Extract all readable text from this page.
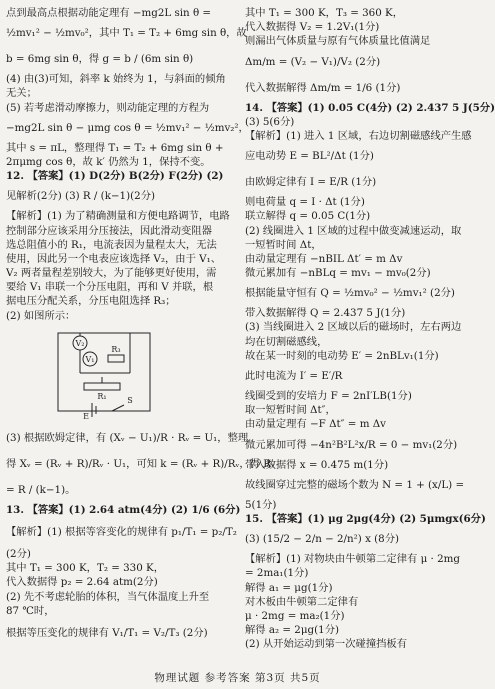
点到最高点根据动能定理有 −mg2L sin θ =
½mv₁² − ½mv₀²，其中 T₁ = T₂ + 6mg sin θ，故
b = 6mg sin θ，得 g = b / (6m sin θ)
(4) 由(3)可知，斜率 k 始终为 1，与斜面的倾角
无关；
(5) 若考虑滑动摩擦力，则动能定理的方程为
−mg2L sin θ − μmg cos θ = ½mv₁² − ½mv₂²，
其中 s = πL，整理得 T₁ = T₂ + 6mg sin θ +
2πμmg cos θ，故 k′ 仍然为 1，保持不变。
12. 【答案】(1) D(2分) B(2分) F(2分) (2)
见解析(2分) (3) R / (k−1)(2分)
【解析】(1) 为了精确测量和方便电路调节，电路
控制部分应该采用分压接法，因此滑动变阻器
选总阻值小的 R₁，电流表因为量程太大，无法
使用，因此另一个电表应该选择 V₂，由于 V₁、
V₂ 两者量程差别较大，为了能够更好使用，需
要给 V₁ 串联一个分压电阻，再和 V 并联，根
据电压分配关系，分压电阻选择 R₃；
(2) 如图所示：
V₂
R₃
V₁
R₁
E
S
(3) 根据欧姆定律，有 (Xᵥ − U₁)/R · Rᵥ = U₁，整理
得 Xᵥ = (Rᵥ + R)/Rᵥ · U₁，可知 k = (Rᵥ + R)/Rᵥ，得 Rᵥ
= R / (k−1)。
13. 【答案】(1) 2.64 atm(4分) (2) 1/6 (6分)
【解析】(1) 根据等容变化的规律有 p₁/T₁ = p₂/T₂
(2分)
其中 T₁ = 300 K，T₂ = 330 K，
代入数据得 p₂ = 2.64 atm(2分)
(2) 先不考虑轮胎的体积，当气体温度上升至
87 ℃时，
根据等压变化的规律有 V₁/T₁ = V₂/T₃ (2分)
其中 T₁ = 300 K，T₃ = 360 K，
代入数据得 V₂ = 1.2V₁(1分)
则漏出气体质量与原有气体质量比值满足
Δm/m = (V₂ − V₁)/V₂ (2分)
代入数据解得 Δm/m = 1/6 (1分)
14. 【答案】(1) 0.05 C(4分) (2) 2.437 5 J(5分)
(3) 5(6分)
【解析】(1) 进入 1 区域，右边切割磁感线产生感
应电动势 E = BL²/Δt (1分)
由欧姆定律有 I = E/R (1分)
则电荷量 q = I · Δt (1分)
联立解得 q = 0.05 C(1分)
(2) 线圈进入 1 区域的过程中做变减速运动，取
一短暂时间 Δt，
由动量定理有 −nBIL Δt′ = m Δv
微元累加有 −nBLq = mv₁ − mv₀(2分)
根据能量守恒有 Q = ½mv₀² − ½mv₁² (2分)
带入数据解得 Q = 2.437 5 J(1分)
(3) 当线圈进入 2 区域以后的磁场时，左右两边
均在切割磁感线，
故在某一时刻的电动势 E′ = 2nBLv₁(1分)
此时电流为 I′ = E′/R
线圈受到的安培力 F = 2nI′LB(1分)
取一短暂时间 Δt″，
由动量定理有 −F Δt″ = m Δv
微元累加可得 −4n²B²L²x/R = 0 − mv₁(2分)
带入数据得 x = 0.475 m(1分)
故线圈穿过完整的磁场个数为 N = 1 + (x/L) =
5(1分)
15. 【答案】(1) μg 2μg(4分) (2) 5μmgx(6分)
(3) (15/2 − 2/n − 2/n²) x (8分)
【解析】(1) 对物块由牛顿第二定律有 μ · 2mg
= 2ma₁(1分)
解得 a₁ = μg(1分)
对木板由牛顿第二定律有
μ · 2mg = ma₂(1分)
解得 a₂ = 2μg(1分)
(2) 从开始运动到第一次碰撞挡板有
物理试题 参考答案 第3页 共5页
